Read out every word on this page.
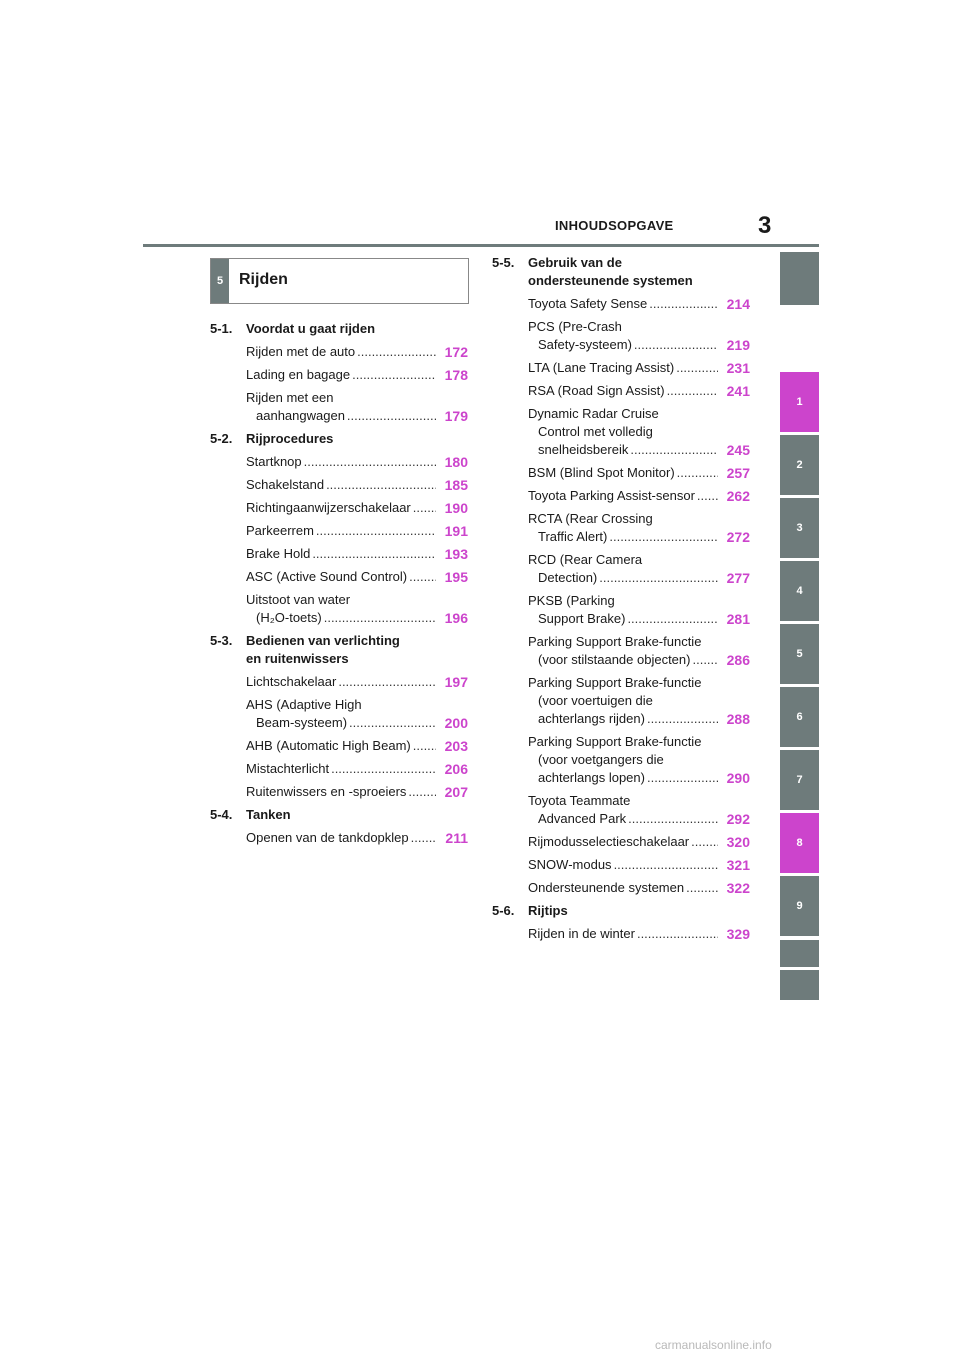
INHOUDSOPGAVE	3
1
2
3
4
5
6
7
8
9
5 Rijden
5-1.	Voordat u gaat rijden
Rijden met de auto .....	172
Lading en bagage .....	178
Rijden met een
aanhangwagen .....	179
5-2.	Rijprocedures
Startknop .....	180
Schakelstand .....	185
Richtingaanwijzerschakelaar .....	190
Parkeerrem .....	191
Brake Hold .....	193
ASC (Active Sound Control) .....	195
Uitstoot van water
(H₂O-toets) .....	196
5-3.	Bedienen van verlichting
en ruitenwissers
Lichtschakelaar .....	197
AHS (Adaptive High
Beam-systeem) .....	200
AHB (Automatic High Beam) .....	203
Mistachterlicht .....	206
Ruitenwissers en -sproeiers .....	207
5-4.	Tanken
Openen van de tankdopklep .....	211
5-5.	Gebruik van de
ondersteunende systemen
Toyota Safety Sense .....	214
PCS (Pre-Crash
Safety-systeem) .....	219
LTA (Lane Tracing Assist) .....	231
RSA (Road Sign Assist) .....	241
Dynamic Radar Cruise
Control met volledig
snelheidsbereik .....	245
BSM (Blind Spot Monitor) .....	257
Toyota Parking Assist-sensor .....	262
RCTA (Rear Crossing
Traffic Alert) .....	272
RCD (Rear Camera
Detection) .....	277
PKSB (Parking
Support Brake) .....	281
Parking Support Brake-functie
(voor stilstaande objecten) .....	286
Parking Support Brake-functie
(voor voertuigen die
achterlangs rijden) .....	288
Parking Support Brake-functie
(voor voetgangers die
achterlangs lopen) .....	290
Toyota Teammate
Advanced Park .....	292
Rijmodusselectieschakelaar .....	320
SNOW-modus .....	321
Ondersteunende systemen .....	322
5-6.	Rijtips
Rijden in de winter .....	329
carmanualsonline.info
